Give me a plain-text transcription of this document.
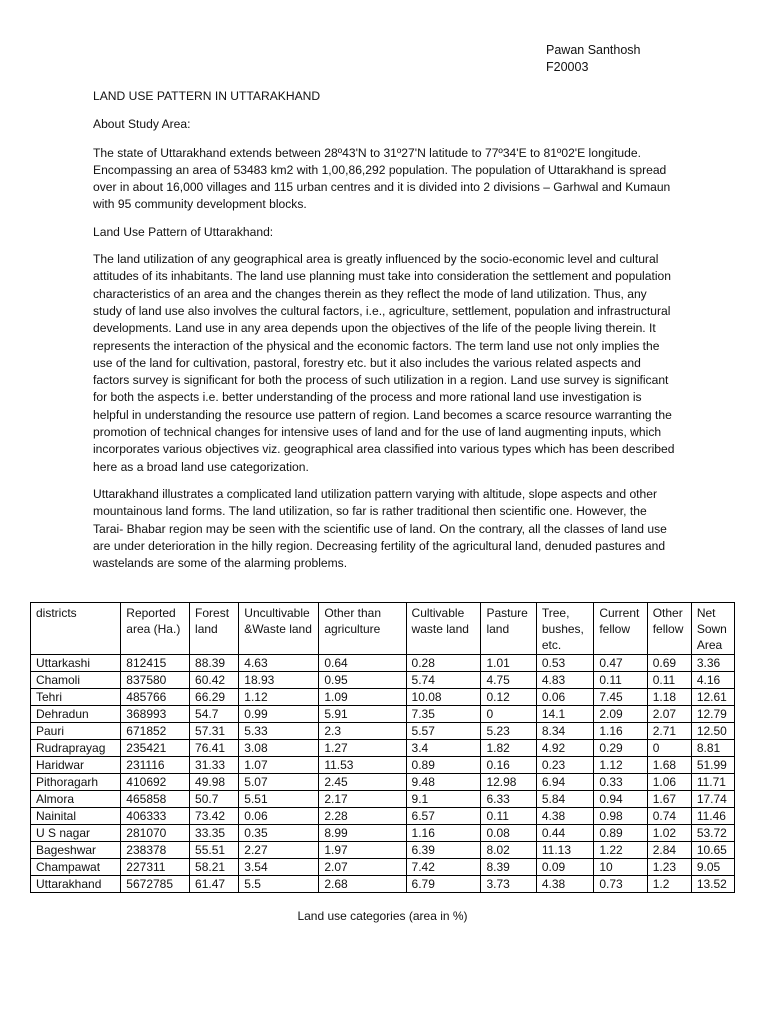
Pawan Santhosh
F20003

LAND USE PATTERN IN UTTARAKHAND

About Study Area:

The state of Uttarakhand extends between 28º43'N to 31º27'N latitude to 77º34'E to 81º02'E longitude. Encompassing an area of 53483 km2 with 1,00,86,292 population. The population of Uttarakhand is spread over in about 16,000 villages and 115 urban centres and it is divided into 2 divisions – Garhwal and Kumaun with 95 community development blocks.

Land Use Pattern of Uttarakhand:

The land utilization of any geographical area is greatly influenced by the socio-economic level and cultural attitudes of its inhabitants. The land use planning must take into consideration the settlement and population characteristics of an area and the changes therein as they reflect the mode of land utilization. Thus, any study of land use also involves the cultural factors, i.e., agriculture, settlement, population and infrastructural developments. Land use in any area depends upon the objectives of the life of the people living therein. It represents the interaction of the physical and the economic factors. The term land use not only implies the use of the land for cultivation, pastoral, forestry etc. but it also includes the various related aspects and factors survey is significant for both the process of such utilization in a region. Land use survey is significant for both the aspects i.e. better understanding of the process and more rational land use investigation is helpful in understanding the resource use pattern of region. Land becomes a scarce resource warranting the promotion of technical changes for intensive uses of land and for the use of land augmenting inputs, which incorporates various objectives viz. geographical area classified into various types which has been described here as a broad land use categorization.

Uttarakhand illustrates a complicated land utilization pattern varying with altitude, slope aspects and other mountainous land forms. The land utilization, so far is rather traditional then scientific one. However, the Tarai- Bhabar region may be seen with the scientific use of land. On the contrary, all the classes of land use are under deterioration in the hilly region. Decreasing fertility of the agricultural land, denuded pastures and wastelands are some of the alarming problems.

districts	Reported area (Ha.)	Forest land	Uncultivable &Waste land	Other than agriculture	Cultivable waste land	Pasture land	Tree, bushes, etc.	Current fellow	Other fellow	Net Sown Area
Uttarkashi	812415	88.39	4.63	0.64	0.28	1.01	0.53	0.47	0.69	3.36
Chamoli	837580	60.42	18.93	0.95	5.74	4.75	4.83	0.11	0.11	4.16
Tehri	485766	66.29	1.12	1.09	10.08	0.12	0.06	7.45	1.18	12.61
Dehradun	368993	54.7	0.99	5.91	7.35	0	14.1	2.09	2.07	12.79
Pauri	671852	57.31	5.33	2.3	5.57	5.23	8.34	1.16	2.71	12.50
Rudraprayag	235421	76.41	3.08	1.27	3.4	1.82	4.92	0.29	0	8.81
Haridwar	231116	31.33	1.07	11.53	0.89	0.16	0.23	1.12	1.68	51.99
Pithoragarh	410692	49.98	5.07	2.45	9.48	12.98	6.94	0.33	1.06	11.71
Almora	465858	50.7	5.51	2.17	9.1	6.33	5.84	0.94	1.67	17.74
Nainital	406333	73.42	0.06	2.28	6.57	0.11	4.38	0.98	0.74	11.46
U S nagar	281070	33.35	0.35	8.99	1.16	0.08	0.44	0.89	1.02	53.72
Bageshwar	238378	55.51	2.27	1.97	6.39	8.02	11.13	1.22	2.84	10.65
Champawat	227311	58.21	3.54	2.07	7.42	8.39	0.09	10	1.23	9.05
Uttarakhand	5672785	61.47	5.5	2.68	6.79	3.73	4.38	0.73	1.2	13.52
Land use categories (area in %)
